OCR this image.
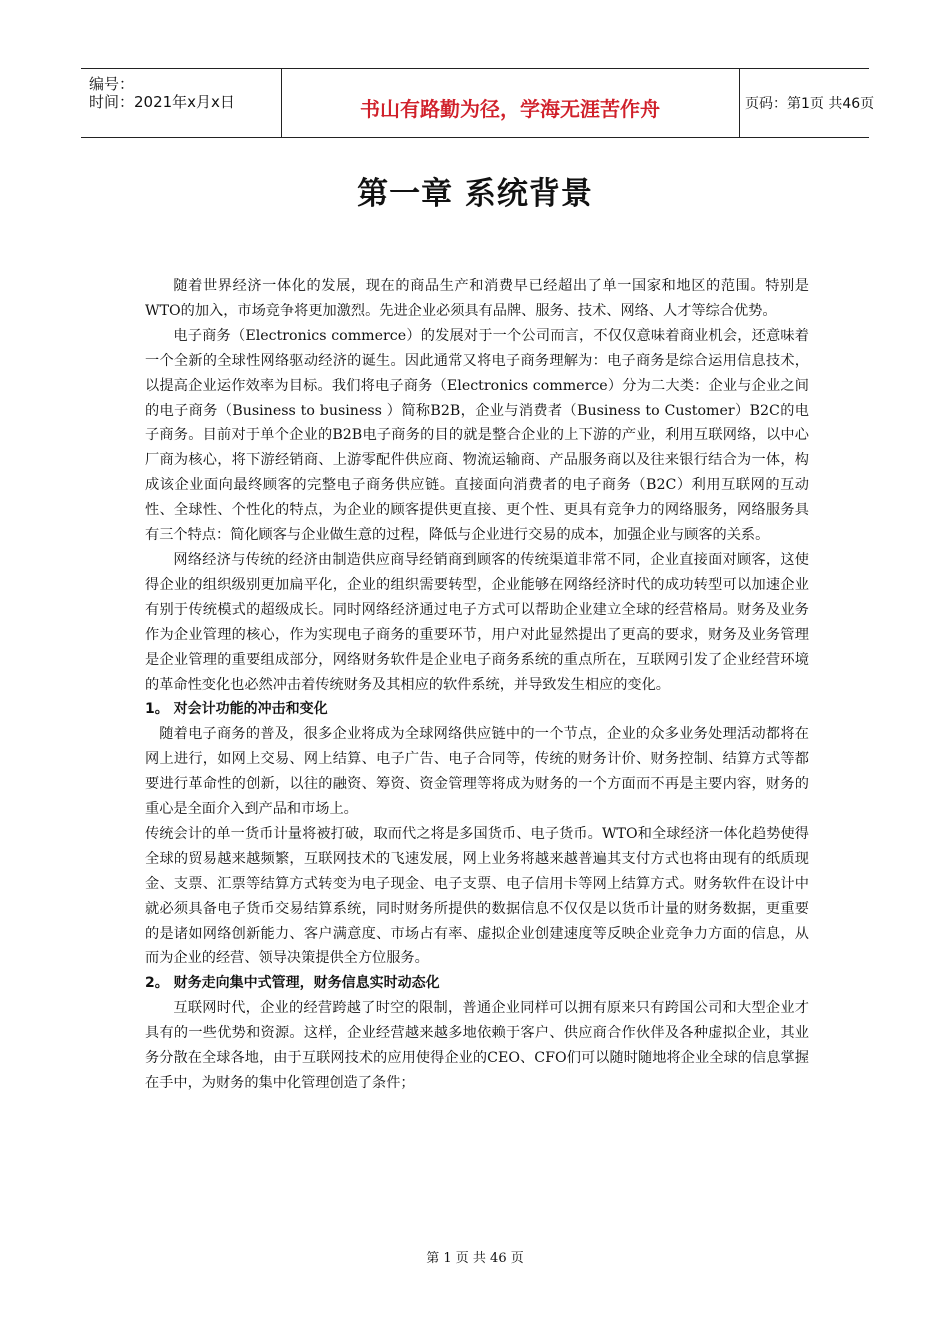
编号：
时间：2021年x月x日	书山有路勤为径，学海无涯苦作舟	页码：第1页 共46页
第一章 系统背景

随着世界经济一体化的发展，现在的商品生产和消费早已经超出了单一国家和地区的范围。特别是WTO的加入，市场竞争将更加激烈。先进企业必须具有品牌、服务、技术、网络、人才等综合优势。

电子商务（Electronics commerce）的发展对于一个公司而言，不仅仅意味着商业机会，还意味着一个全新的全球性网络驱动经济的诞生。因此通常又将电子商务理解为：电子商务是综合运用信息技术，以提高企业运作效率为目标。我们将电子商务（Electronics commerce）分为二大类：企业与企业之间的电子商务（Business to business ）简称B2B，企业与消费者（Business to Customer）B2C的电子商务。目前对于单个企业的B2B电子商务的目的就是整合企业的上下游的产业，利用互联网络，以中心厂商为核心，将下游经销商、上游零配件供应商、物流运输商、产品服务商以及往来银行结合为一体，构成该企业面向最终顾客的完整电子商务供应链。直接面向消费者的电子商务（B2C）利用互联网的互动性、全球性、个性化的特点，为企业的顾客提供更直接、更个性、更具有竞争力的网络服务，网络服务具有三个特点：简化顾客与企业做生意的过程，降低与企业进行交易的成本，加强企业与顾客的关系。

网络经济与传统的经济由制造供应商导经销商到顾客的传统渠道非常不同，企业直接面对顾客，这使得企业的组织级别更加扁平化，企业的组织需要转型，企业能够在网络经济时代的成功转型可以加速企业有别于传统模式的超级成长。同时网络经济通过电子方式可以帮助企业建立全球的经营格局。财务及业务作为企业管理的核心，作为实现电子商务的重要环节，用户对此显然提出了更高的要求，财务及业务管理是企业管理的重要组成部分，网络财务软件是企业电子商务系统的重点所在，互联网引发了企业经营环境的革命性变化也必然冲击着传统财务及其相应的软件系统，并导致发生相应的变化。

1。 对会计功能的冲击和变化

随着电子商务的普及，很多企业将成为全球网络供应链中的一个节点，企业的众多业务处理活动都将在网上进行，如网上交易、网上结算、电子广告、电子合同等，传统的财务计价、财务控制、结算方式等都要进行革命性的创新，以往的融资、筹资、资金管理等将成为财务的一个方面而不再是主要内容，财务的重心是全面介入到产品和市场上。

传统会计的单一货币计量将被打破，取而代之将是多国货币、电子货币。WTO和全球经济一体化趋势使得全球的贸易越来越频繁，互联网技术的飞速发展，网上业务将越来越普遍其支付方式也将由现有的纸质现金、支票、汇票等结算方式转变为电子现金、电子支票、电子信用卡等网上结算方式。财务软件在设计中就必须具备电子货币交易结算系统，同时财务所提供的数据信息不仅仅是以货币计量的财务数据，更重要的是诸如网络创新能力、客户满意度、市场占有率、虚拟企业创建速度等反映企业竞争力方面的信息，从而为企业的经营、领导决策提供全方位服务。

2。 财务走向集中式管理，财务信息实时动态化

互联网时代，企业的经营跨越了时空的限制，普通企业同样可以拥有原来只有跨国公司和大型企业才具有的一些优势和资源。这样，企业经营越来越多地依赖于客户、供应商合作伙伴及各种虚拟企业，其业务分散在全球各地，由于互联网技术的应用使得企业的CEO、CFO们可以随时随地将企业全球的信息掌握在手中，为财务的集中化管理创造了条件；

第 1 页 共 46 页
